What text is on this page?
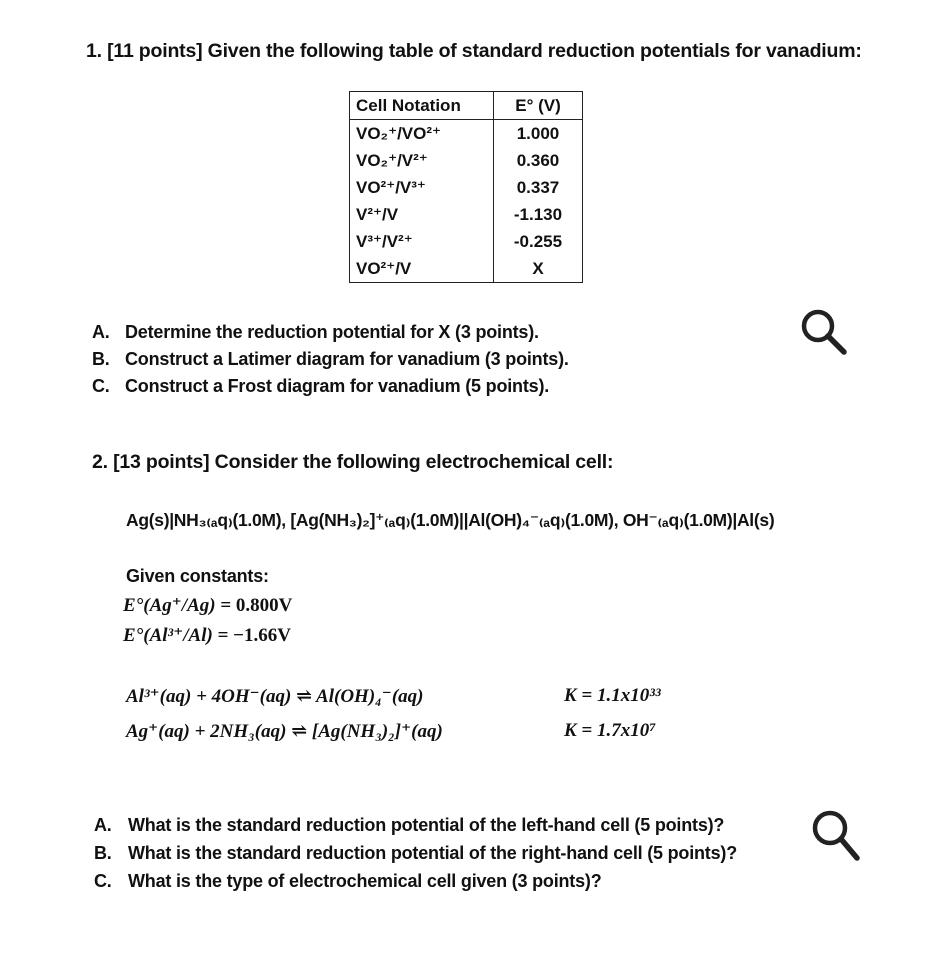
1. [11 points] Given the following table of standard reduction potentials for vanadium:
Cell Notation	E° (V)
VO₂⁺/VO²⁺	1.000
VO₂⁺/V²⁺	0.360
VO²⁺/V³⁺	0.337
V²⁺/V	-1.130
V³⁺/V²⁺	-0.255
VO²⁺/V	X
A. Determine the reduction potential for X (3 points).
B. Construct a Latimer diagram for vanadium (3 points).
C. Construct a Frost diagram for vanadium (5 points).
2. [13 points] Consider the following electrochemical cell:
Ag(s)|NH₃₍ₐq₎(1.0M), [Ag(NH₃)₂]⁺₍ₐq₎(1.0M)||Al(OH)₄⁻₍ₐq₎(1.0M), OH⁻₍ₐq₎(1.0M)|Al(s)
Given constants:
E°(Ag⁺/Ag) = 0.800V
E°(Al³⁺/Al) = −1.66V
Al³⁺(aq) + 4OH⁻(aq) ⇌ Al(OH)₄⁻(aq)	K = 1.1x10³³
Ag⁺(aq) + 2NH₃(aq) ⇌ [Ag(NH₃)₂]⁺(aq)	K = 1.7x10⁷
A. What is the standard reduction potential of the left-hand cell (5 points)?
B. What is the standard reduction potential of the right-hand cell (5 points)?
C. What is the type of electrochemical cell given (3 points)?
